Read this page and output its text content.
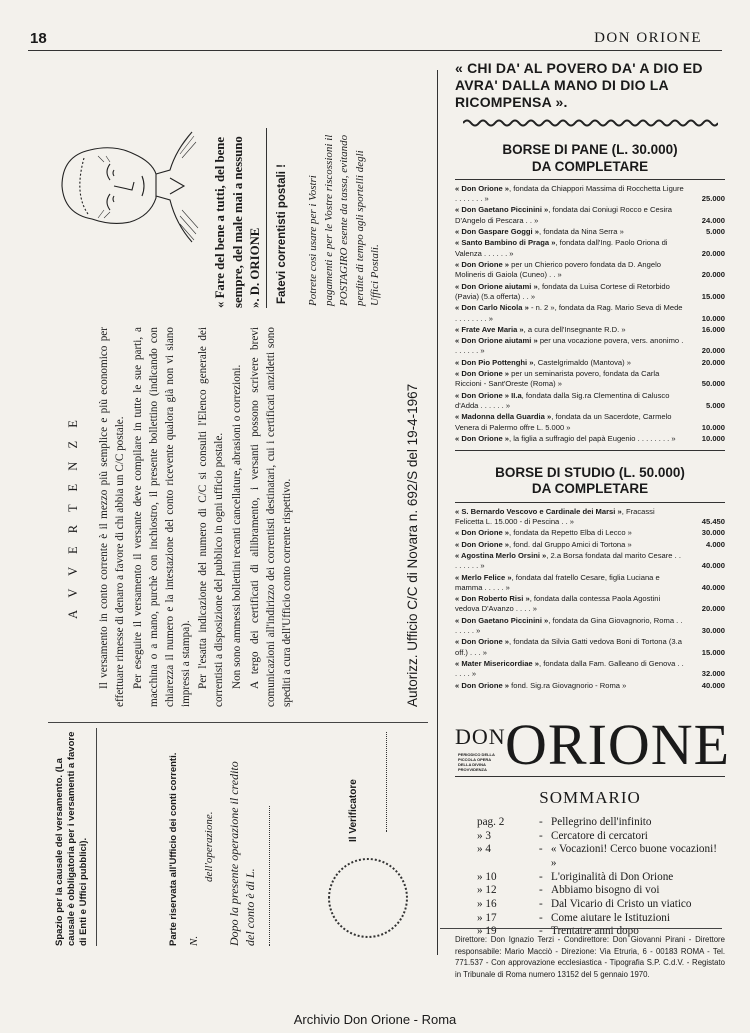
18	DON ORIONE
Spazio per la causale del versamento. (La causale è obbligatoria per i versamenti a favore di Enti e Uffici pubblici).	Parte riservata all'Ufficio dei conti correnti. N.
dell'operazione. Dopo la presente operazione il credito del conto è di L.
Il Verificatore
A V V E R T E N Z E Il versamento in conto corrente è il mezzo più semplice e più economico per effettuare rimesse di denaro a favore di chi abbia un C/C postale. Per eseguire il versamento il versante deve compilare in tutte le sue parti, a macchina o a mano, purchè con inchiostro, il presente bollettino (indicando con chiarezza il numero e la intestazione del conto ricevente qualora già non vi siano impressi a stampa). Per l'esatta indicazione del numero di C/C si consulti l'Elenco generale dei correntisti a disposizione del pubblico in ogni ufficio postale. Non sono ammessi bollettini recanti cancellature, abrasioni o correzioni. A tergo dei certificati di allibramento, i versanti possono scrivere brevi comunicazioni all'indirizzo dei correntisti destinatari, cui i certificati anzidetti sono spediti a cura dell'Ufficio conto corrente rispettivo.	Autorizz. Ufficio C/C di Novara n. 692/S del 19-4-1967
« Fare del bene a tutti, del bene sempre, del male mai a nessuno ». D. ORIONE Fatevi correntisti postali ! Potrete così usare per i Vostri pagamenti e per le Vostre riscossioni il POSTAGIRO esente da tassa, evitando perdite di tempo agli sportelli degli Uffici Postali.
« CHI DA' AL POVERO DA' A DIO ED AVRA' DALLA MANO DI DIO LA RICOMPENSA ».
BORSE DI PANE (L. 30.000)
DA COMPLETARE
« Don Orione », fondata da Chiappori Massima di Rocchetta Ligure . . . . . . . »	25.000
« Don Gaetano Piccinini », fondata dai Coniugi Rocco e Cesira D'Angelo di Pescara . . »	24.000
« Don Gaspare Goggi », fondata da Nina Serra »	5.000
« Santo Bambino di Praga », fondata dall'Ing. Paolo Oriona di Valenza . . . . . . »	20.000
« Don Orione » per un Chierico povero fondata da D. Angelo Molineris di Gaiola (Cuneo) . . »	20.000
« Don Orione aiutami », fondata da Luisa Cortese di Retorbido (Pavia) (5.a offerta) . . »	15.000
« Don Carlo Nicola » - n. 2 », fondata da Rag. Mario Seva di Mede . . . . . . . . »	10.000
« Frate Ave Maria », a cura dell'Insegnante R.D. »	16.000
« Don Orione aiutami » per una vocazione povera, vers. anonimo . . . . . . . »	20.000
« Don Pio Pottenghi », Castelgrimaldo (Mantova) »	20.000
« Don Orione » per un seminarista povero, fondata da Carla Riccioni - Sant'Oreste (Roma) »	50.000
« Don Orione » II.a, fondata dalla Sig.ra Clementina di Calusco d'Adda . . . . . . »	5.000
« Madonna della Guardia », fondata da un Sacerdote, Carmelo Venera di Palermo offre L. 5.000 »	10.000
« Don Orione », la figlia a suffragio del papà Eugenio . . . . . . . . »	10.000
BORSE DI STUDIO (L. 50.000)
DA COMPLETARE
« S. Bernardo Vescovo e Cardinale dei Marsi », Fracassi Felicetta L. 15.000 - di Pescina . . »	45.450
« Don Orione », fondata da Repetto Elba di Lecco »	30.000
« Don Orione », fond. dal Gruppo Amici di Tortona »	4.000
« Agostina Merlo Orsini », 2.a Borsa fondata dal marito Cesare . . . . . . . . »	40.000
« Merlo Felice », fondata dal fratello Cesare, figlia Luciana e mamma . . . . . »	40.000
« Don Roberto Risi », fondata dalla contessa Paola Agostini vedova D'Avanzo . . . . »	20.000
« Don Gaetano Piccinini », fondata da Gina Giovagnorio, Roma . . . . . . . »	30.000
« Don Orione », fondata da Silvia Gatti vedova Boni di Tortona (3.a off.) . . . »	15.000
« Mater Misericordiae », fondata dalla Fam. Galleano di Genova . . . . . . »	32.000
« Don Orione » fond. Sig.ra Giovagnorio - Roma »	40.000
DON
PERIODICO DELLA PICCOLA OPERA DELLA DIVINA PROVVIDENZA ORIONE
SOMMARIO
pag. 2	- Pellegrino dell'infinito
» 3	- Cercatore di cercatori
» 4	- « Vocazioni! Cerco buone vocazioni! »
» 10	- L'originalità di Don Orione
» 12	- Abbiamo bisogno di voi
» 16	- Dal Vicario di Cristo un viatico
» 17	- Come aiutare le Istituzioni
» 19	- Trentatre anni dopo
Direttore: Don Ignazio Terzi - Condirettore: Don Giovanni Pirani - Direttore responsabile: Mario Macciò - Direzione: Via Etruria, 6 - 00183 ROMA - Tel. 771.537 - Con approvazione ecclesiastica - Tipografia S.P. C.d.V. - Registato in Tribunale di Roma numero 13152 del 5 gennaio 1970.
Archivio Don Orione - Roma
